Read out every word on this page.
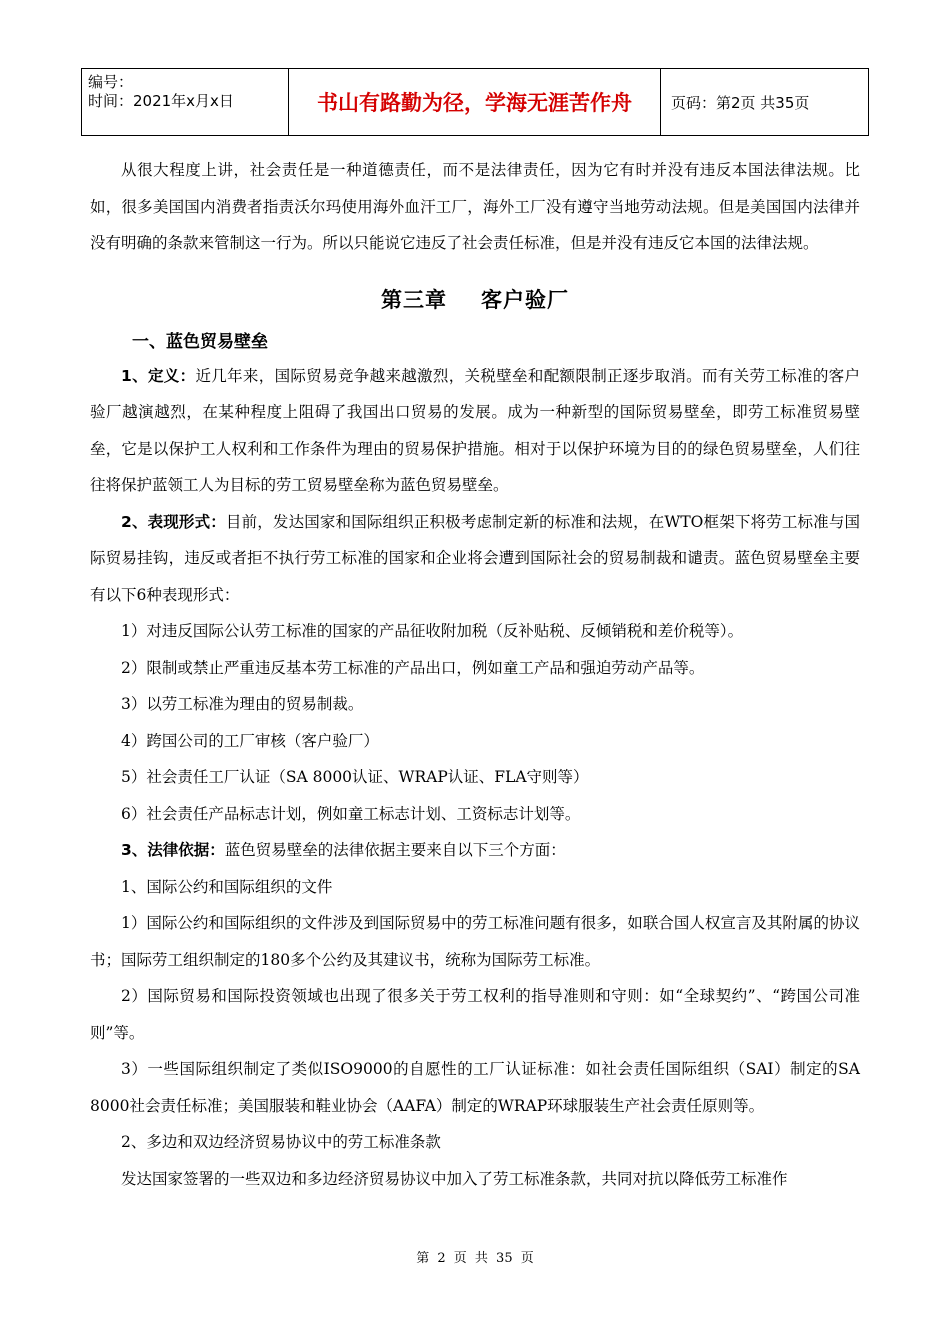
编号：
时间：2021年x月x日	书山有路勤为径，学海无涯苦作舟	页码：第2页 共35页

从很大程度上讲，社会责任是一种道德责任，而不是法律责任，因为它有时并没有违反本国法律法规。比如，很多美国国内消费者指责沃尔玛使用海外血汗工厂，海外工厂没有遵守当地劳动法规。但是美国国内法律并没有明确的条款来管制这一行为。所以只能说它违反了社会责任标准，但是并没有违反它本国的法律法规。

第三章 客户验厂
一、蓝色贸易壁垒

1、定义：近几年来，国际贸易竞争越来越激烈，关税壁垒和配额限制正逐步取消。而有关劳工标准的客户验厂越演越烈，在某种程度上阻碍了我国出口贸易的发展。成为一种新型的国际贸易壁垒，即劳工标准贸易壁垒，它是以保护工人权利和工作条件为理由的贸易保护措施。相对于以保护环境为目的的绿色贸易壁垒，人们往往将保护蓝领工人为目标的劳工贸易壁垒称为蓝色贸易壁垒。

2、表现形式：目前，发达国家和国际组织正积极考虑制定新的标准和法规，在WTO框架下将劳工标准与国际贸易挂钩，违反或者拒不执行劳工标准的国家和企业将会遭到国际社会的贸易制裁和谴责。蓝色贸易壁垒主要有以下6种表现形式：

1）对违反国际公认劳工标准的国家的产品征收附加税（反补贴税、反倾销税和差价税等）。

2）限制或禁止严重违反基本劳工标准的产品出口，例如童工产品和强迫劳动产品等。

3）以劳工标准为理由的贸易制裁。

4）跨国公司的工厂审核（客户验厂）

5）社会责任工厂认证（SA 8000认证、WRAP认证、FLA守则等）

6）社会责任产品标志计划，例如童工标志计划、工资标志计划等。

3、法律依据：蓝色贸易壁垒的法律依据主要来自以下三个方面：

1、国际公约和国际组织的文件

1）国际公约和国际组织的文件涉及到国际贸易中的劳工标准问题有很多，如联合国人权宣言及其附属的协议书；国际劳工组织制定的180多个公约及其建议书，统称为国际劳工标准。

2）国际贸易和国际投资领域也出现了很多关于劳工权利的指导准则和守则：如“全球契约”、“跨国公司准则”等。

3）一些国际组织制定了类似ISO9000的自愿性的工厂认证标准：如社会责任国际组织（SAI）制定的SA 8000社会责任标准；美国服装和鞋业协会（AAFA）制定的WRAP环球服装生产社会责任原则等。

2、多边和双边经济贸易协议中的劳工标准条款

发达国家签署的一些双边和多边经济贸易协议中加入了劳工标准条款，共同对抗以降低劳工标准作

第 2 页 共 35 页
